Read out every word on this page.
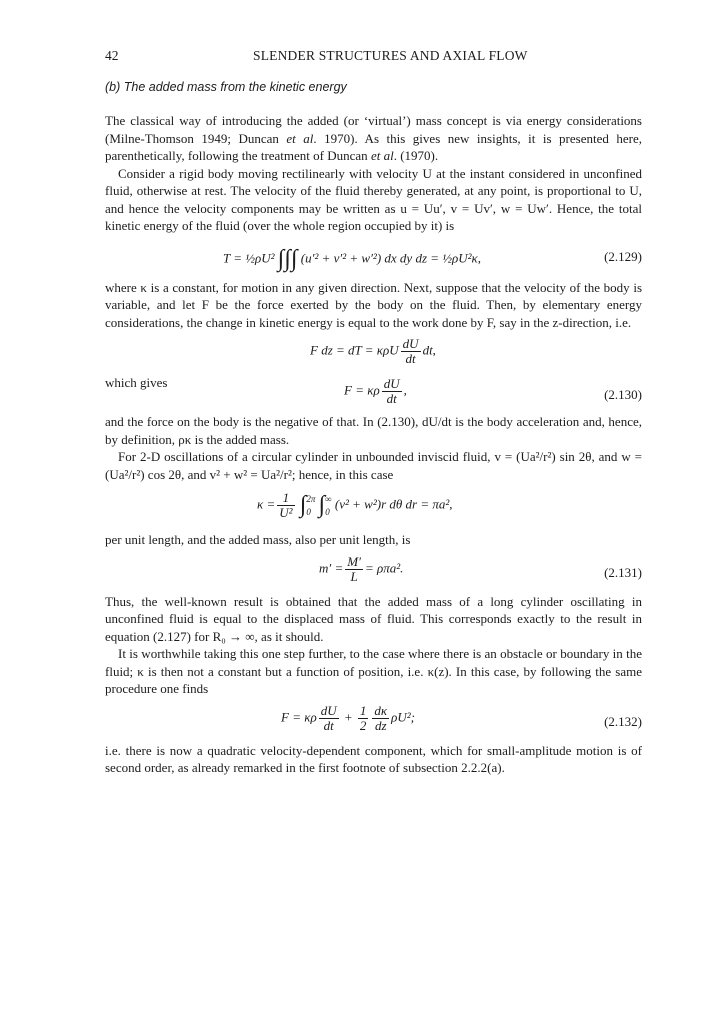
42	SLENDER STRUCTURES AND AXIAL FLOW
(b) The added mass from the kinetic energy

The classical way of introducing the added (or ‘virtual’) mass concept is via energy considerations (Milne-Thomson 1949; Duncan et al. 1970). As this gives new insights, it is presented here, parenthetically, following the treatment of Duncan et al. (1970).

Consider a rigid body moving rectilinearly with velocity U at the instant considered in unconfined fluid, otherwise at rest. The velocity of the fluid thereby generated, at any point, is proportional to U, and hence the velocity components may be written as u = Uu′, v = Uv′, w = Uw′. Hence, the total kinetic energy of the fluid (over the whole region occupied by it) is

T = ½ρU² ∫∫∫ (u′² + v′² + w′²) dx dy dz = ½ρU²κ,	(2.129)

where κ is a constant, for motion in any given direction. Next, suppose that the velocity of the body is variable, and let F be the force exerted by the body on the fluid. Then, by elementary energy considerations, the change in kinetic energy is equal to the work done by F, say in the z-direction, i.e.

F dz = dT = κρU $\frac{dU}{dt}$ dt,
which gives	F = κρ $\frac{dU}{dt}$ ,	(2.130)

and the force on the body is the negative of that. In (2.130), dU/dt is the body acceleration and, hence, by definition, ρκ is the added mass.

For 2-D oscillations of a circular cylinder in unbounded inviscid fluid, v = (Ua²/r²) sin 2θ, and w = (Ua²/r²) cos 2θ, and v² + w² = Ua²/r²; hence, in this case

$\kappa = \frac{1}{\text{U²}}$ ∫ 2π
0 ∫ ∞
0
(v² + w²)r dθ dr = πa²,

per unit length, and the added mass, also per unit length, is

$m' = \frac{M'}{L} = \rho\pi a^2$.	(2.131)

Thus, the well-known result is obtained that the added mass of a long cylinder oscillating in unconfined fluid is equal to the displaced mass of fluid. This corresponds exactly to the result in equation (2.127) for R₀ → ∞, as it should.

It is worthwhile taking this one step further, to the case where there is an obstacle or boundary in the fluid; κ is then not a constant but a function of position, i.e. κ(z). In this case, by following the same procedure one finds

F = κρ $\frac{dU}{dt} + \frac{1}{2} \frac{d\kappa}{dz} \rho U^2$;	(2.132)

i.e. there is now a quadratic velocity-dependent component, which for small-amplitude motion is of second order, as already remarked in the first footnote of subsection 2.2.2(a).
